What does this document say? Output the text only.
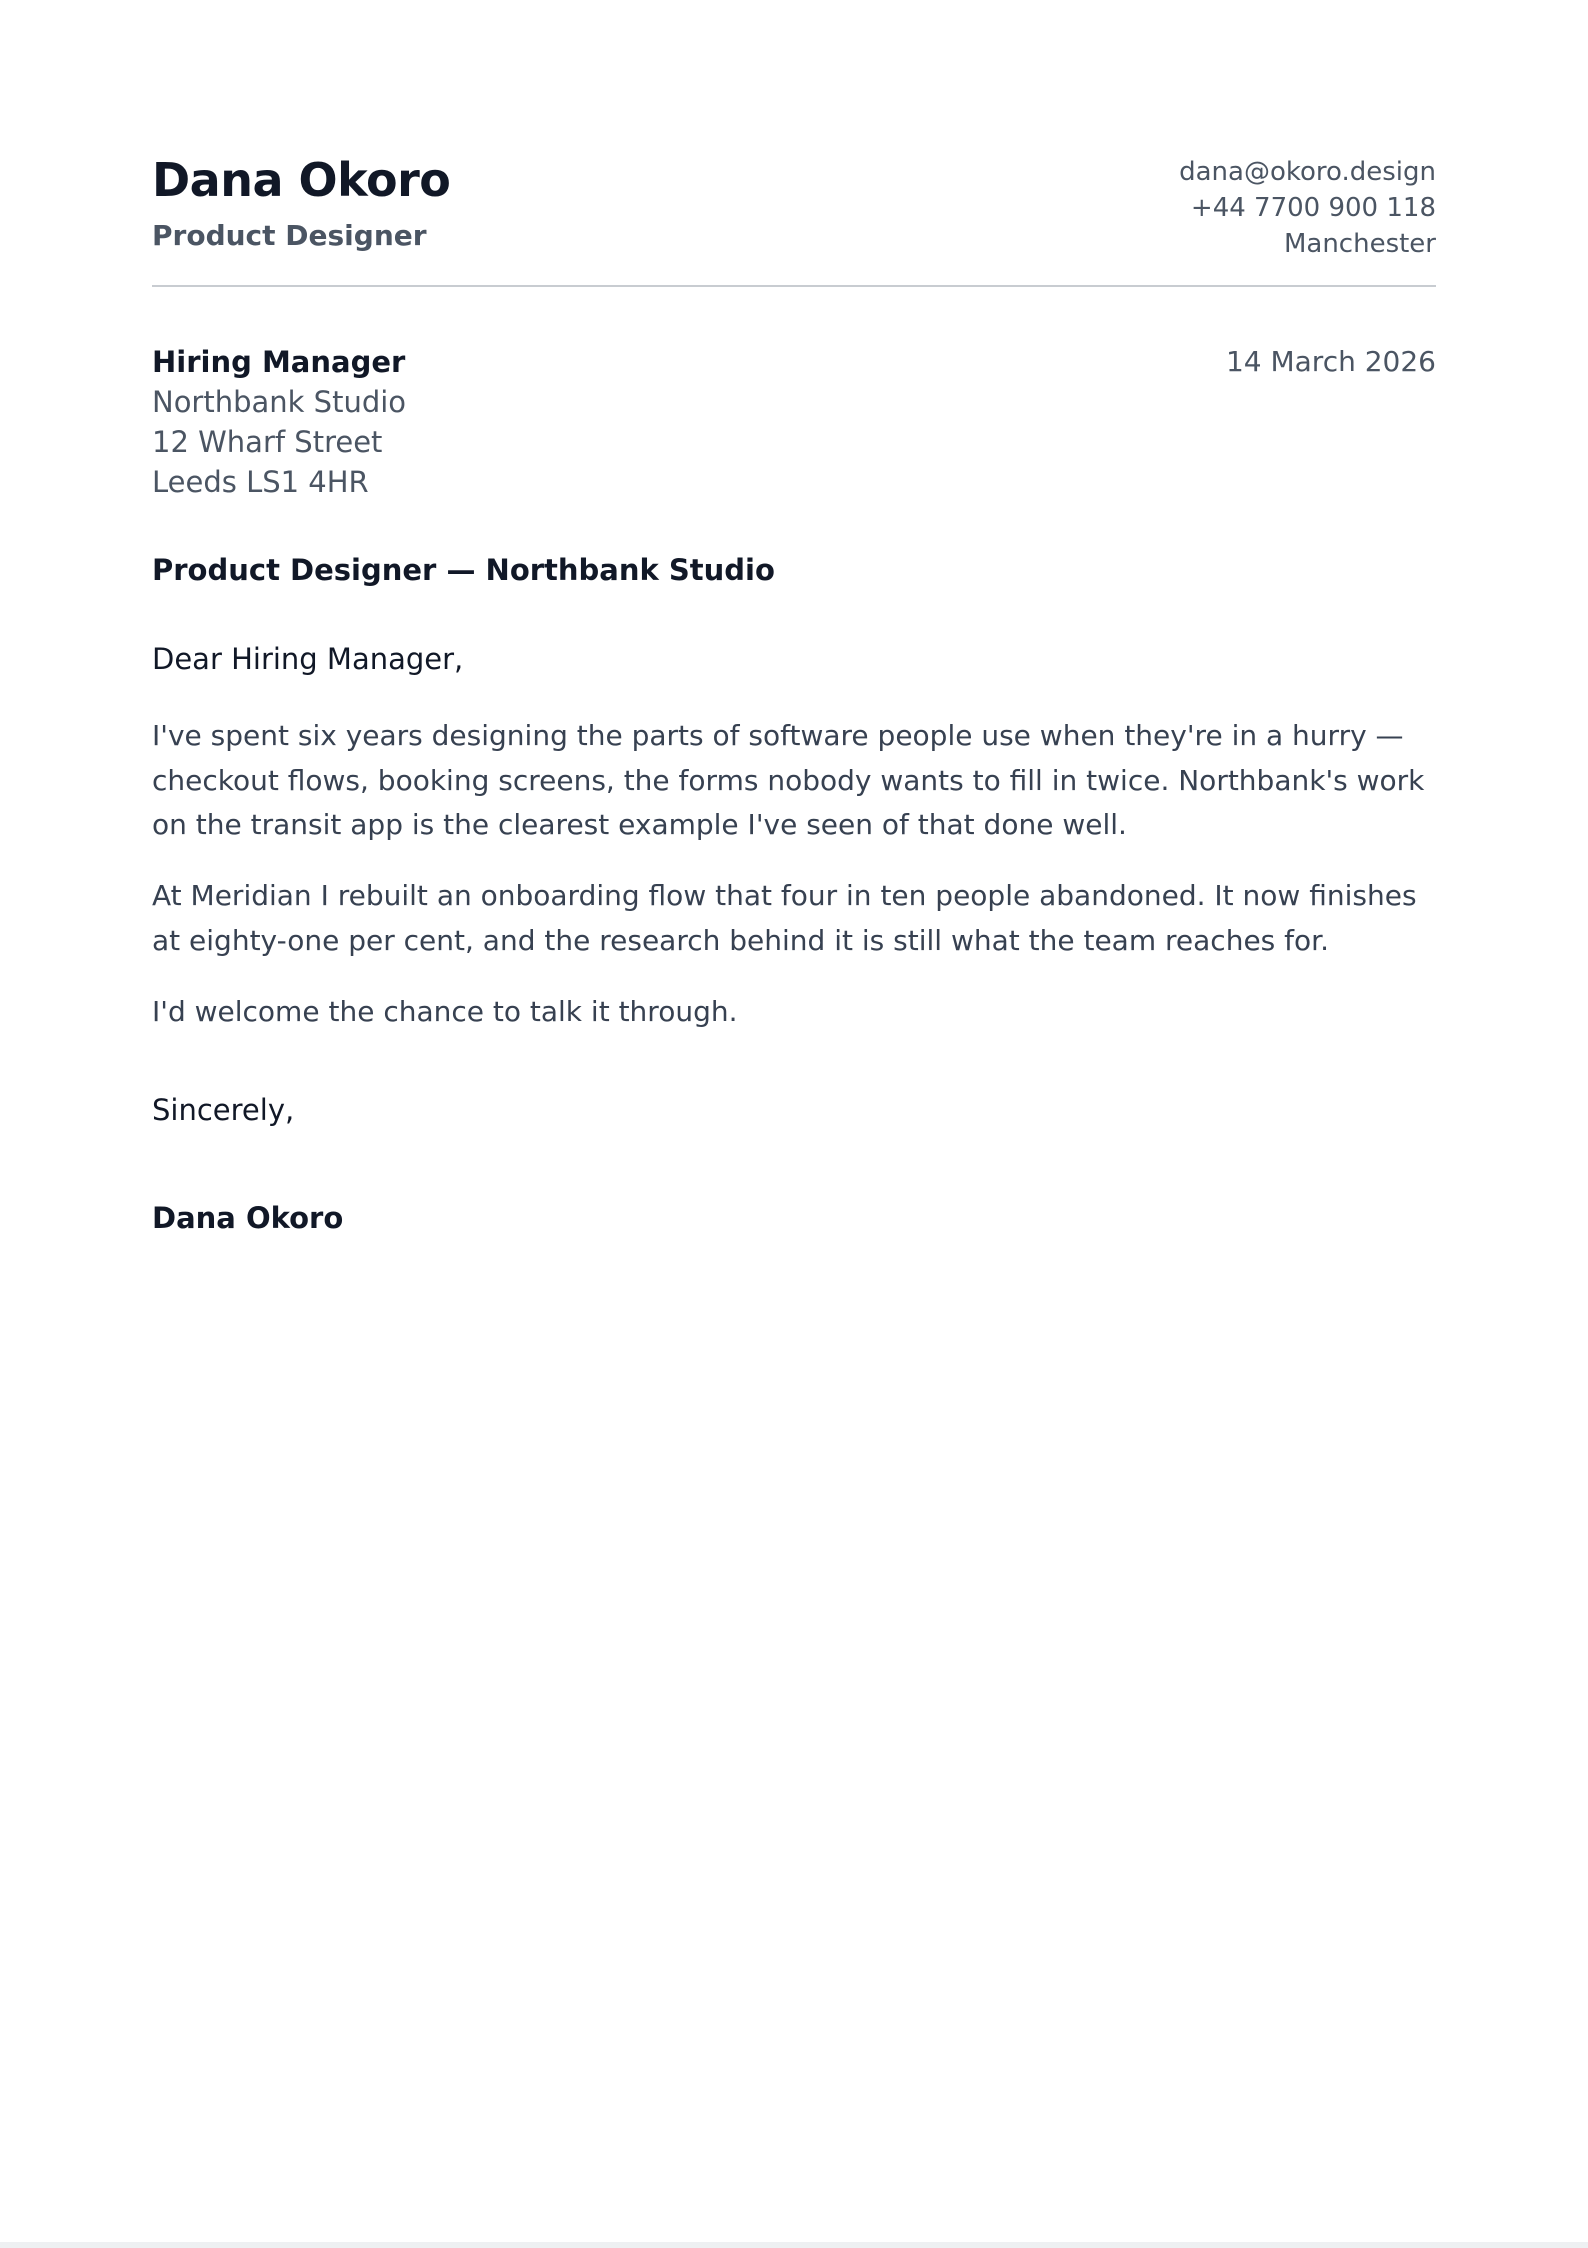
Dana Okoro
Product Designer
dana@okoro.design
+44 7700 900 118
Manchester
Hiring Manager
Northbank Studio
12 Wharf Street
Leeds LS1 4HR
14 March 2026
Product Designer — Northbank Studio
Dear Hiring Manager,

I've spent six years designing the parts of software people use when they're in a hurry — checkout flows, booking screens, the forms nobody wants to fill in twice. Northbank's work on the transit app is the clearest example I've seen of that done well.

At Meridian I rebuilt an onboarding flow that four in ten people abandoned. It now finishes at eighty-one per cent, and the research behind it is still what the team reaches for.

I'd welcome the chance to talk it through.

Sincerely,
Dana Okoro
